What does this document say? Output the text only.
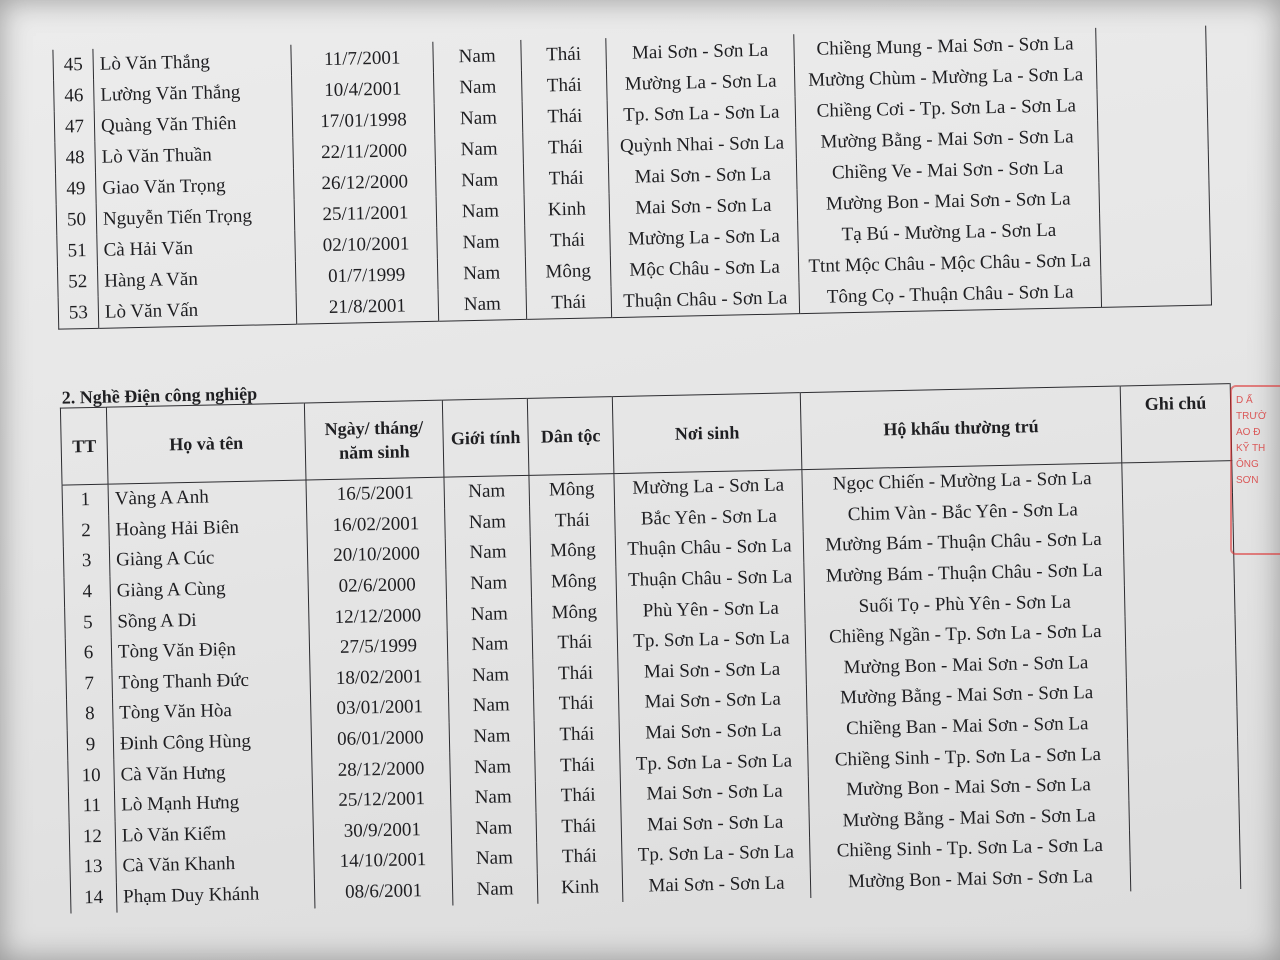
45	Lò Văn Thắng	11/7/2001	Nam	Thái	Mai Sơn - Sơn La	Chiềng Mung - Mai Sơn - Sơn La	
46	Lường Văn Thắng	10/4/2001	Nam	Thái	Mường La - Sơn La	Mường Chùm - Mường La - Sơn La	
47	Quàng Văn Thiên	17/01/1998	Nam	Thái	Tp. Sơn La - Sơn La	Chiềng Cơi - Tp. Sơn La - Sơn La	
48	Lò Văn Thuần	22/11/2000	Nam	Thái	Quỳnh Nhai - Sơn La	Mường Bằng - Mai Sơn - Sơn La	
49	Giao Văn Trọng	26/12/2000	Nam	Thái	Mai Sơn - Sơn La	Chiềng Ve - Mai Sơn - Sơn La	
50	Nguyễn Tiến Trọng	25/11/2001	Nam	Kinh	Mai Sơn - Sơn La	Mường Bon - Mai Sơn - Sơn La	
51	Cà Hải Văn	02/10/2001	Nam	Thái	Mường La - Sơn La	Tạ Bú - Mường La - Sơn La	
52	Hàng A Văn	01/7/1999	Nam	Mông	Mộc Châu - Sơn La	Ttnt Mộc Châu - Mộc Châu - Sơn La	
53	Lò Văn Vấn	21/8/2001	Nam	Thái	Thuận Châu - Sơn La	Tông Cọ - Thuận Châu - Sơn La	
2. Nghề Điện công nghiệp
TT	Họ và tên	Ngày/ tháng/ năm sinh	Giới tính	Dân tộc	Nơi sinh	Hộ khẩu thường trú	Ghi chú
1	Vàng A Anh	16/5/2001	Nam	Mông	Mường La - Sơn La	Ngọc Chiến - Mường La - Sơn La	
2	Hoàng Hải Biên	16/02/2001	Nam	Thái	Bắc Yên - Sơn La	Chim Vàn - Bắc Yên - Sơn La	
3	Giàng A Cúc	20/10/2000	Nam	Mông	Thuận Châu - Sơn La	Mường Bám - Thuận Châu - Sơn La	
4	Giàng A Cùng	02/6/2000	Nam	Mông	Thuận Châu - Sơn La	Mường Bám - Thuận Châu - Sơn La	
5	Sồng A Di	12/12/2000	Nam	Mông	Phù Yên - Sơn La	Suối Tọ - Phù Yên - Sơn La	
6	Tòng Văn Điện	27/5/1999	Nam	Thái	Tp. Sơn La - Sơn La	Chiềng Ngần - Tp. Sơn La - Sơn La	
7	Tòng Thanh Đức	18/02/2001	Nam	Thái	Mai Sơn - Sơn La	Mường Bon - Mai Sơn - Sơn La	
8	Tòng Văn Hòa	03/01/2001	Nam	Thái	Mai Sơn - Sơn La	Mường Bằng - Mai Sơn - Sơn La	
9	Đinh Công Hùng	06/01/2000	Nam	Thái	Mai Sơn - Sơn La	Chiềng Ban - Mai Sơn - Sơn La	
10	Cà Văn Hưng	28/12/2000	Nam	Thái	Tp. Sơn La - Sơn La	Chiềng Sinh - Tp. Sơn La - Sơn La	
11	Lò Mạnh Hưng	25/12/2001	Nam	Thái	Mai Sơn - Sơn La	Mường Bon - Mai Sơn - Sơn La	
12	Lò Văn Kiểm	30/9/2001	Nam	Thái	Mai Sơn - Sơn La	Mường Bằng - Mai Sơn - Sơn La	
13	Cà Văn Khanh	14/10/2001	Nam	Thái	Tp. Sơn La - Sơn La	Chiềng Sinh - Tp. Sơn La - Sơn La	
14	Phạm Duy Khánh	08/6/2001	Nam	Kinh	Mai Sơn - Sơn La	Mường Bon - Mai Sơn - Sơn La	
D Ấ
TRƯỜ
AO Đ
KỸ TH
ÔNG
SƠN
